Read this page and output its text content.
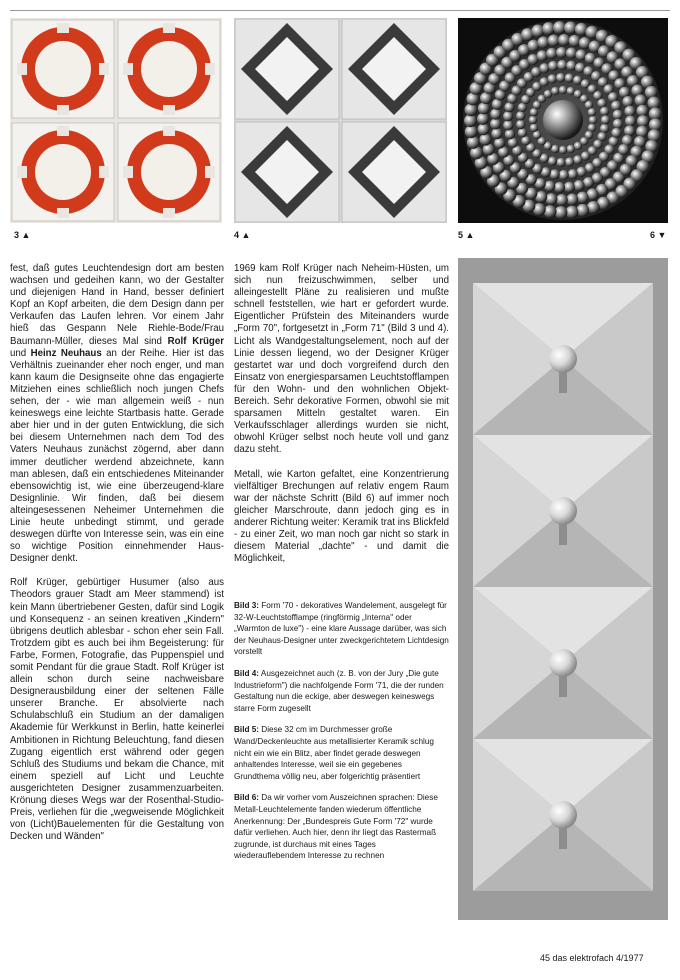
3 ▲	4 ▲	5 ▲	6 ▼

fest, daß gutes Leuchtendesign dort am besten wachsen und gedeihen kann, wo der Gestalter und diejenigen Hand in Hand, besser definiert Kopf an Kopf arbeiten, die dem Design dann per Verkaufen das Laufen lehren. Vor einem Jahr hieß das Gespann Nele Riehle-Bode/Frau Baumann-Müller, dieses Mal sind Rolf Krüger und Heinz Neuhaus an der Reihe. Hier ist das Verhältnis zueinander eher noch enger, und man kann kaum die Designseite ohne das engagierte Mitziehen eines schließlich noch jungen Chefs sehen, der - wie man allgemein weiß - nun keineswegs eine leichte Startbasis hatte. Gerade aber hier und in der guten Entwicklung, die sich bei diesem Unternehmen nach dem Tod des Vaters Neuhaus zunächst zögernd, aber dann immer deutlicher werdend abzeichnete, kann man ablesen, daß ein entschiedenes Miteinander ebensowichtig ist, wie eine überzeugend-klare Designlinie. Wir finden, daß bei diesem alteingesessenen Neheimer Unternehmen die Linie heute unbedingt stimmt, und gerade deswegen dürfte von Interesse sein, was ein eine so wichtige Position einnehmender Haus-Designer denkt.

Rolf Krüger, gebürtiger Husumer (also aus Theodors grauer Stadt am Meer stammend) ist kein Mann übertriebener Gesten, dafür sind Logik und Konsequenz - an seinen kreativen „Kindern" übrigens deutlich ablesbar - schon eher sein Fall. Trotzdem gibt es auch bei ihm Begeisterung: für Farbe, Formen, Fotografie, das Puppenspiel und somit Pendant für die graue Stadt. Rolf Krüger ist allein schon durch seine nachweisbare Designerausbildung einer der seltenen Fälle unserer Branche. Er absolvierte nach Schulabschluß ein Studium an der damaligen Akademie für Werkkunst in Berlin, hatte keinerlei Ambitionen in Richtung Beleuchtung, fand diesen Zugang eigentlich erst während oder gegen Schluß des Studiums und bekam die Chance, mit einem speziell auf Licht und Leuchte ausgerichteten Designer zusammenzuarbeiten. Krönung dieses Wegs war der Rosenthal-Studio-Preis, verliehen für die „wegweisende Möglichkeit von (Licht)Bauelementen für die Gestaltung von Decken und Wänden"

1969 kam Rolf Krüger nach Neheim-Hüsten, um sich nun freizuschwimmen, selber und alleingestellt Pläne zu realisieren und mußte schnell feststellen, wie hart er gefordert wurde. Eigentlicher Prüfstein des Miteinanders wurde „Form 70", fortgesetzt in „Form 71" (Bild 3 und 4). Licht als Wandgestaltungselement, noch auf der Linie dessen liegend, wo der Designer Krüger gestartet war und doch vorgreifend durch den Einsatz von energiesparsamen Leuchtstofflampen für den Wohn- und den wohnlichen Objekt-Bereich. Sehr dekorative Formen, obwohl sie mit sparsamen Mitteln gestaltet waren. Ein Verkaufsschlager allerdings wurden sie nicht, obwohl Krüger selbst noch heute voll und ganz dazu steht.

Metall, wie Karton gefaltet, eine Konzentrierung vielfältiger Brechungen auf relativ engem Raum war der nächste Schritt (Bild 6) auf immer noch gleicher Marschroute, dann jedoch ging es in anderer Richtung weiter: Keramik trat ins Blickfeld - zu einer Zeit, wo man noch gar nicht so stark in diesem Material „dachte" - und damit die Möglichkeit,

Bild 3: Form '70 - dekoratives Wandelement, ausgelegt für 32-W-Leuchtstofflampe (ringförmig „Interna" oder „Warmton de luxe") - eine klare Aussage darüber, was sich der Neuhaus-Designer unter zweckgerichtetem Lichtdesign vorstellt

Bild 4: Ausgezeichnet auch (z. B. von der Jury „Die gute Industrieform") die nachfolgende Form '71, die der runden Gestaltung nun die eckige, aber deswegen keineswegs starre Form zugesellt

Bild 5: Diese 32 cm im Durchmesser große Wand/Deckenleuchte aus metallisierter Keramik schlug nicht ein wie ein Blitz, aber findet gerade deswegen anhaltendes Interesse, weil sie ein gegebenes Grundthema völlig neu, aber folgerichtig präsentiert

Bild 6: Da wir vorher vom Auszeichnen sprachen: Diese Metall-Leuchtelemente fanden wiederum öffentliche Anerkennung: Der „Bundespreis Gute Form '72" wurde dafür verliehen. Auch hier, denn ihr liegt das Rastermaß zugrunde, ist durchaus mit eines Tages wiederauflebendem Interesse zu rechnen

45 das elektrofach 4/1977
